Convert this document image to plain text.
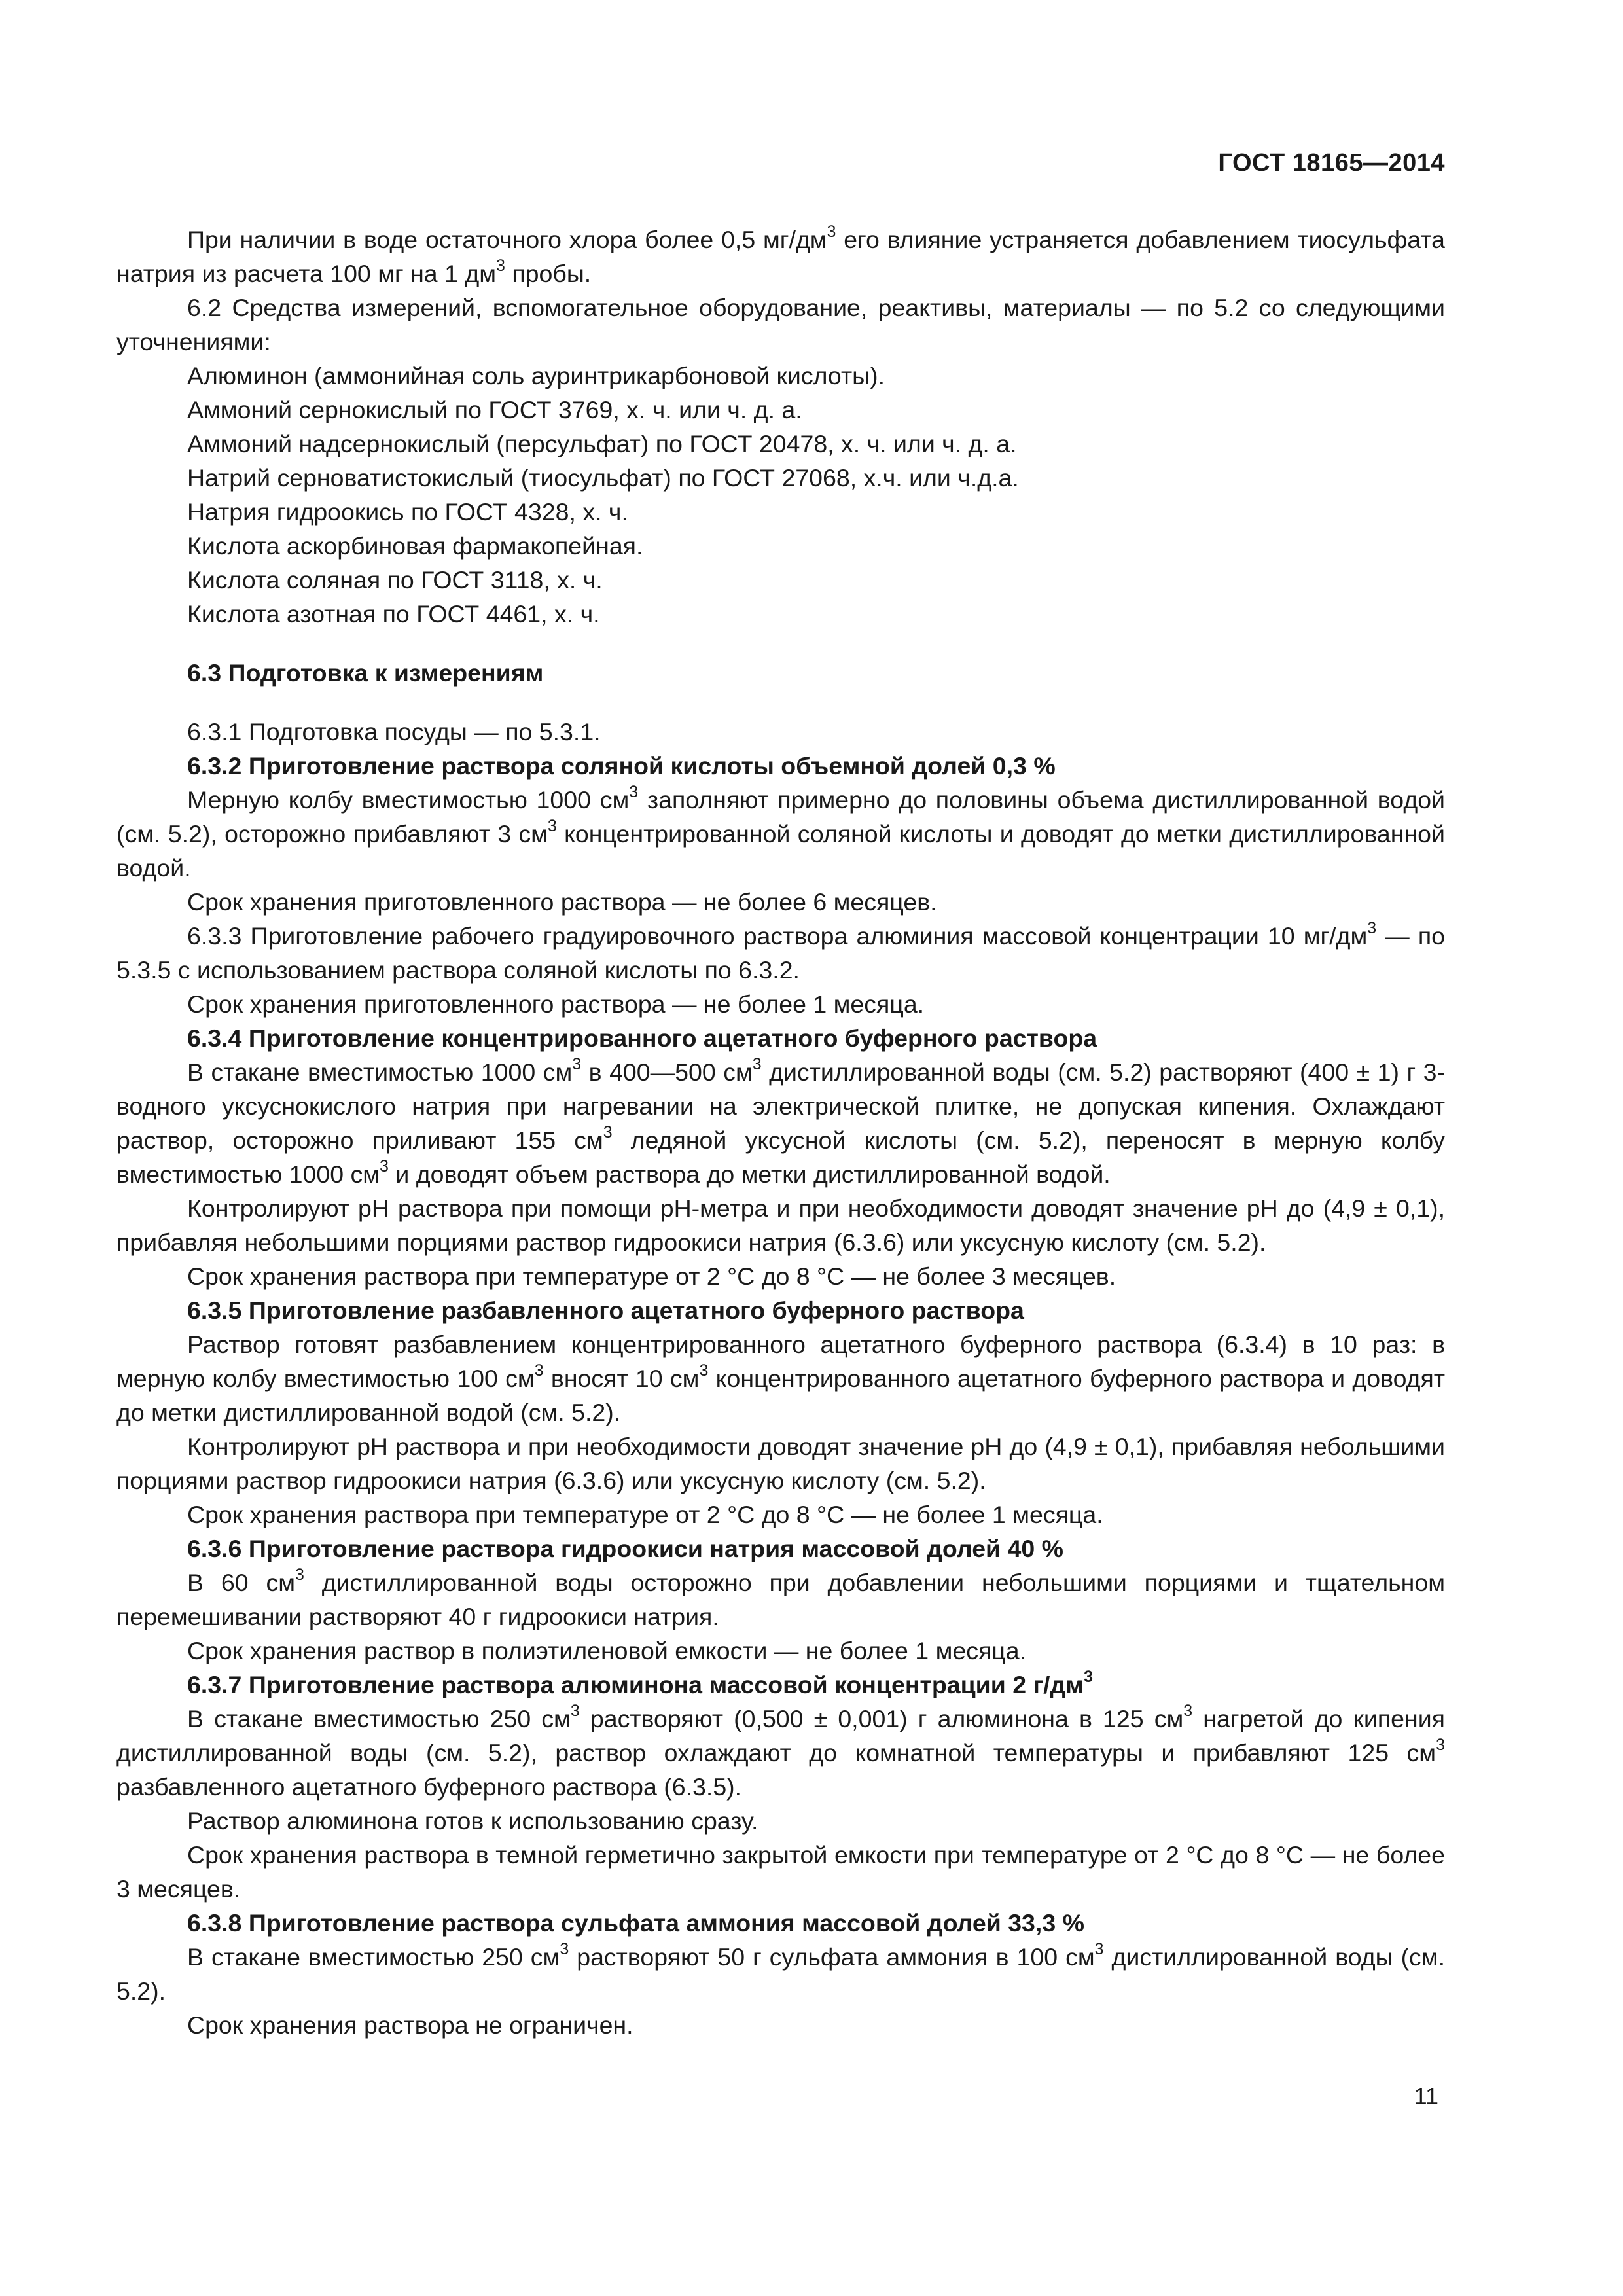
ГОСТ 18165—2014

При наличии в воде остаточного хлора более 0,5 $мг/дм^3$ его влияние устраняется добавлением тиосульфата натрия из расчета 100 мг на 1 $дм^3$ пробы.

6.2 Средства измерений, вспомогательное оборудование, реактивы, материалы — по 5.2 со следующими уточнениями:

Алюминон (аммонийная соль ауринтрикарбоновой кислоты).

Аммоний сернокислый по ГОСТ 3769, х. ч. или ч. д. а.

Аммоний надсернокислый (персульфат) по ГОСТ 20478, х. ч. или ч. д. а.

Натрий серноватистокислый (тиосульфат) по ГОСТ 27068, х.ч. или ч.д.а.

Натрия гидроокись по ГОСТ 4328, х. ч.

Кислота аскорбиновая фармакопейная.

Кислота соляная по ГОСТ 3118, х. ч.

Кислота азотная по ГОСТ 4461, х. ч.

6.3 Подготовка к измерениям

6.3.1 Подготовка посуды — по 5.3.1.

6.3.2 Приготовление раствора соляной кислоты объемной долей 0,3 %

Мерную колбу вместимостью 1000 $см^3$ заполняют примерно до половины объема дистиллированной водой (см. 5.2), осторожно прибавляют 3 $см^3$ концентрированной соляной кислоты и доводят до метки дистиллированной водой.

Срок хранения приготовленного раствора — не более 6 месяцев.

6.3.3 Приготовление рабочего градуировочного раствора алюминия массовой концентрации 10 $мг/дм^3$ — по 5.3.5 с использованием раствора соляной кислоты по 6.3.2.

Срок хранения приготовленного раствора — не более 1 месяца.

6.3.4 Приготовление концентрированного ацетатного буферного раствора

В стакане вместимостью 1000 $см^3$ в 400—500 $см^3$ дистиллированной воды (см. 5.2) растворяют (400 ± 1) г 3-водного уксуснокислого натрия при нагревании на электрической плитке, не допуская кипения. Охлаждают раствор, осторожно приливают 155 $см^3$ ледяной уксусной кислоты (см. 5.2), переносят в мерную колбу вместимостью 1000 $см^3$ и доводят объем раствора до метки дистиллированной водой.

Контролируют pH раствора при помощи pH-метра и при необходимости доводят значение pH до (4,9 ± 0,1), прибавляя небольшими порциями раствор гидроокиси натрия (6.3.6) или уксусную кислоту (см. 5.2).

Срок хранения раствора при температуре от 2 °С до 8 °С — не более 3 месяцев.

6.3.5 Приготовление разбавленного ацетатного буферного раствора

Раствор готовят разбавлением концентрированного ацетатного буферного раствора (6.3.4) в 10 раз: в мерную колбу вместимостью 100 $см^3$ вносят 10 $см^3$ концентрированного ацетатного буферного раствора и доводят до метки дистиллированной водой (см. 5.2).

Контролируют pH раствора и при необходимости доводят значение pH до (4,9 ± 0,1), прибавляя небольшими порциями раствор гидроокиси натрия (6.3.6) или уксусную кислоту (см. 5.2).

Срок хранения раствора при температуре от 2 °С до 8 °С — не более 1 месяца.

6.3.6 Приготовление раствора гидроокиси натрия массовой долей 40 %

В 60 $см^3$ дистиллированной воды осторожно при добавлении небольшими порциями и тщательном перемешивании растворяют 40 г гидроокиси натрия.

Срок хранения раствор в полиэтиленовой емкости — не более 1 месяца.

6.3.7 Приготовление раствора алюминона массовой концентрации 2 $г/дм^3$

В стакане вместимостью 250 $см^3$ растворяют (0,500 ± 0,001) г алюминона в 125 $см^3$ нагретой до кипения дистиллированной воды (см. 5.2), раствор охлаждают до комнатной температуры и прибавляют 125 $см^3$ разбавленного ацетатного буферного раствора (6.3.5).

Раствор алюминона готов к использованию сразу.

Срок хранения раствора в темной герметично закрытой емкости при температуре от 2 °С до 8 °С — не более 3 месяцев.

6.3.8 Приготовление раствора сульфата аммония массовой долей 33,3 %

В стакане вместимостью 250 $см^3$ растворяют 50 г сульфата аммония в 100 $см^3$ дистиллированной воды (см. 5.2).

Срок хранения раствора не ограничен.

11
